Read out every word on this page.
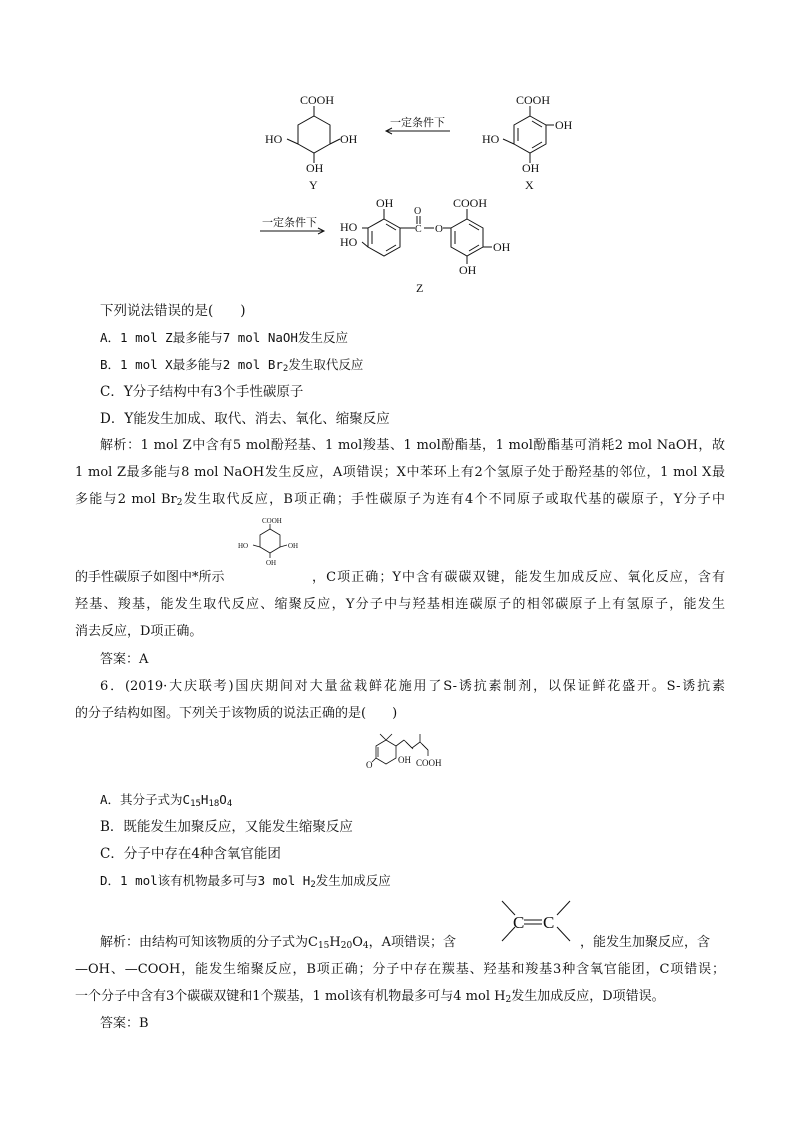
COOH
HO	OH
OH
Y
COOH
OH
HO
OH
X
一定条件下
一定条件下
OH
HO
HO
O
C O
COOH
OH
OH
Z
下列说法错误的是(　　)
A．1 mol Z最多能与7 mol NaOH发生反应
B．1 mol X最多能与2 mol $Br_2$发生取代反应
C．Y分子结构中有3个手性碳原子
D．Y能发生加成、取代、消去、氧化、缩聚反应
解析：1 mol Z中含有5 mol酚羟基、1 mol羧基、1 mol酚酯基，1 mol酚酯基可消耗2 mol NaOH，故
1 mol Z最多能与8 mol NaOH发生反应，A项错误；X中苯环上有2个氢原子处于酚羟基的邻位，1 mol X最
多能与2 mol $Br_2$发生取代反应，B项正确；手性碳原子为连有4个不同原子或取代基的碳原子，Y分子中
COOH
HO	OH
OH
的手性碳原子如图中*所示	，C项正确；Y中含有碳碳双键，能发生加成反应、氧化反应，含有
羟基、羧基，能发生取代反应、缩聚反应，Y分子中与羟基相连碳原子的相邻碳原子上有氢原子，能发生
消去反应，D项正确。
答案：A
6．(2019·大庆联考)国庆期间对大量盆栽鲜花施用了S-诱抗素制剂，以保证鲜花盛开。S-诱抗素
的分子结构如图。下列关于该物质的说法正确的是(　　)
O	OH COOH
A．其分子式为$C_{15}H_{18}O_4$
B．既能发生加聚反应，又能发生缩聚反应
C．分子中存在4种含氧官能团
D．1 mol该有机物最多可与3 mol $H_2$发生加成反应
C C
解析：由结构可知该物质的分子式为$C_{15}H_{20}O_4$，A项错误；含	，能发生加聚反应，含
—OH、—COOH，能发生缩聚反应，B项正确；分子中存在羰基、羟基和羧基3种含氧官能团，C项错误；
一个分子中含有3个碳碳双键和1个羰基，1 mol该有机物最多可与4 mol $H_2$发生加成反应，D项错误。
答案：B
